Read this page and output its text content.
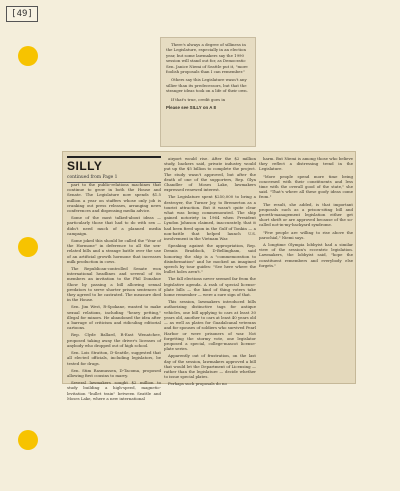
[49]

There's always a degree of silliness in the Legislature, especially in an election year, but some lawmakers say the 1990 session will stand out for, as Democratic Sen. Janice Niemi of Seattle put it, "more foolish proposals than I can remember."

Others say this Legislature wasn't any sillier than its predecessors, but that the stranger ideas took on a life of their own.

If that's true, credit goes in

Please see SILLY on A 8
SILLY
continued from Page 1

part to the public-relations machines that continue to grow in both the House and Senate. The Legislature now spends $1.5 million a year on staffers whose only job is cranking out press releases, arranging news conferences and dispensing media advice.

Some of the most talked-about ideas — particularly those that had to do with sex — didn't need much of a planned media campaign.

Some joked this should be called the "Year of the Hormone" in deference to all the sex-related bills and a strange battle over the use of an artificial growth hormone that increases milk production in cows.

The Republican-controlled Senate won international headlines and several of its members an invitation to the Phil Donahue Show by passing a bill allowing sexual predators to serve shorter prison sentences if they agreed to be castrated. The measure died in the House.

Sen. Jim West, R-Spokane, wanted to make sexual relations, including "heavy petting," illegal for minors. He abandoned the idea after a barrage of criticism and ridiculing editorial cartoons.

Rep. Clyde Ballard, R-East Wenatchee, proposed taking away the driver's licenses of anybody who dropped out of high school.

Sen. Lois Stratton, D-Seattle, suggested that all elected officials, including legislators, be tested for drugs.

Sen. Stim Rasmussen, D-Tacoma, proposed allowing first cousins to marry.

Several lawmakers sought $2 million to study building a high-speed, magnetic-levitation "bullet train" between Seattle and Moses Lake, where a new international

airport would rise. After the $2 million study, backers said, private industry would put up the $5 billion to complete the project. The study wasn't approved, but after the death of one of the supporters, Rep. Glyn Chandler of Moses Lake, lawmakers expressed renewed interest.

The Legislature spent $250,000 to bring a destroyer, the Turner Joy, to Bremerton as a tourist attraction. But it wasn't quite clear what was being commemorated. The ship gained notoriety in 1964 when President Lyndon Johnson claimed, inaccurately, that it had been fired upon in the Gulf of Tonkin — a non-battle that helped launch U.S. involvement in the Vietnam War.

Speaking against the appropriation, Rep. Dennis Braddock, D-Bellingham, said honoring the ship is a "commemoration to disinformation" and he mocked an imagined speech by tour guides: "See here where the bullet holes aren't."

The fall elections never seemed far from the legislative agenda. A rash of special license-plate bills — the kind of thing voters take home remember — were a sure sign of that.

This session, lawmakers introduced bills authorizing distinctive tags for antique vehicles, one bill applying to cars at least 30 years old, another to cars at least 40 years old — as well as plates for Guadalcanal veterans and for spouses of soldiers who survived Pearl Harbor or were prisoners of war. Not forgetting the stormy vote, one legislator proposed a special, college-mascot license-plate series.

Apparently out of frustration, on the last day of the session, lawmakers approved a bill that would let the Department of Licensing — rather than the legislature — decide whether to issue special plates.

Perhaps such proposals do no

harm. But Niemi is among those who believe they reflect a distressing trend in the Legislature.

"More people spend more time being concerned with their constituents and less time with the overall good of the state," she said. "That's where all these goofy ideas come from."

The result, she added, is that important proposals such as a prison-siting bill and growth-management legislation either get short shrift or are approved because of the so-called not-in-my-backyard syndrome.

"Few people are willing to rise above the parochial," Niemi says.

A longtime Olympia lobbyist had a similar view of the session's eccentric legislation. Lawmakers, the lobbyist said, "hope the constituent remembers and everybody else forgets."
